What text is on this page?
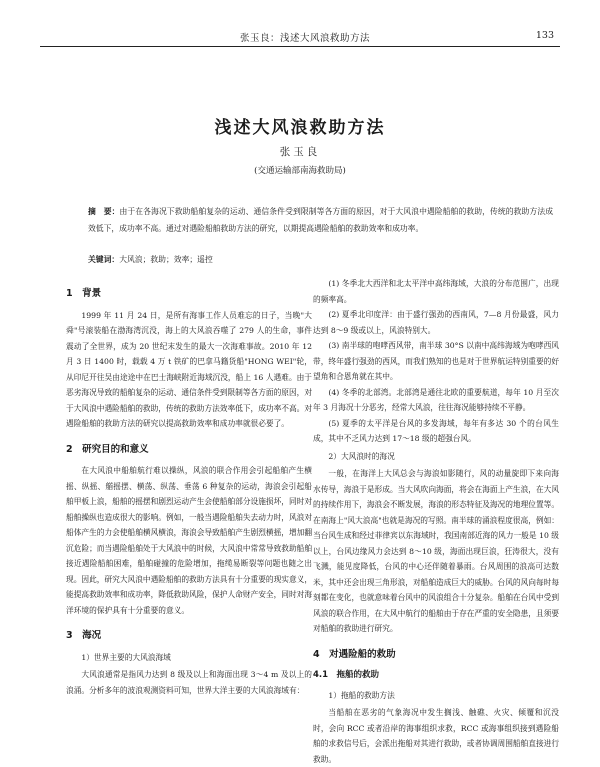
张玉良：浅述大风浪救助方法	133
浅述大风浪救助方法
张玉良
(交通运输部南海救助局)
摘　要：由于在各海况下救助船舶复杂的运动、通信条件受到限制等各方面的原因，对于大风浪中遇险船舶的救助，传统的救助方法成效低下，成功率不高。通过对遇险船舶救助方法的研究，以期提高遇险船舶的救助效率和成功率。
关键词：大风浪；救助；效率；遥控
1　背景

1999 年 11 月 24 日，是所有海事工作人员难忘的日子，当晚"大舜"号滚装船在渤海湾沉没，海上的大风浪吞噬了 279 人的生命，事件震动了全世界，成为 20 世纪末发生的最大一次海难事故。2010 年 12 月 3 日 1400 时，载载 4 万 t 铁矿的巴拿马籍货船"HONG WEI"轮，从印尼开往吴由途途中在巴士海峡附近海域沉没，船上 16 人遇难。由于恶劣海况导致的船舶复杂的运动、通信条件受到限制等各方面的原因，对于大风浪中遇险船舶的救助，传统的救助方法效率低下，成功率不高。对遇险船舶的救助方法的研究以提高救助效率和成功率就很必要了。

2　研究目的和意义

在大风浪中船舶航行难以操纵，风浪的联合作用会引起船舶产生横摇、纵摇、艏摇摆、横荡、纵荡、垂荡 6 种复杂的运动，海浪会引起船舶甲板上浪，船舶的摇摆和剧烈运动产生会使船舶部分设施损坏，同时对船舶操纵也造成很大的影响。例如，一般当遇险船舶失去动力时，风浪对船体产生的力会使船舶横风横浪，海浪会导致船舶产生剧烈横摇，增加翻沉危险；而当遇险船舶处于大风浪中的时候，大风浪中常常导致救助船舶接近遇险船舶困难，船舶碰撞的危险增加，拖缆易断裂等问题也随之出现。因此，研究大风浪中遇险船舶的救助方法具有十分重要的现实意义，能提高救助效率和成功率，降低救助风险，保护人命财产安全，同时对海洋环境的保护具有十分重要的意义。

3　海况
1）世界主要的大风浪海域

大风浪通常是指风力达到 8 级及以上和海面出现 3～4 m 及以上的浪涌。分析多年的波浪观测资料可知，世界大洋主要的大风浪海域有：

(1) 冬季北大西洋和北太平洋中高纬海域，大浪的分布范围广，出现的频率高。

(2) 夏季北印度洋：由于盛行强劲的西南风，7—8 月份最盛，风力达到 8～9 级或以上，风浪特别大。

(3) 南半球的咆哮西风带，南半球 30°S 以南中高纬海域为咆哮西风带，终年盛行强劲的西风，而我们熟知的也是对于世界航运特别重要的好望角和合恩角就在其中。

(4) 冬季的北部湾。北部湾是通往北欧的重要航道，每年 10 月至次年 3 月海况十分恶劣，经常大风浪，往往海况能够持续不平静。

(5) 夏季的太平洋是台风的多发海域，每年有多达 30 个的台风生成，其中不乏风力达到 17～18 级的超强台风。

2）大风浪时的海况

一般，在海洋上大风总会与海浪如影随行，风的动量旋即下来向海水传导，海浪于是形成。当大风吹向海面，将会在海面上产生浪，在大风的持续作用下，海浪会不断发展，海浪的形态特征及海况的地理位置等。在南海上"风大浪高"也就是海况的写照。南半球的涌浪程度很高，例如：当台风生成和经过菲律宾以东海域时，我国南部近海的风力一般是 10 级以上，台风边缘风力会达到 8～10 级，海面出现巨浪，狂涛很大，没有飞溅，能见度降低，台风的中心还伴随着暴雨。台风周围的浪高可达数米，其中还会出现三角形浪，对船舶造成巨大的威胁。台风的风向每时每刻都在变化，也就意味着台风中的风浪组合十分复杂。船舶在台风中受到风浪的联合作用，在大风中航行的船舶由于存在严重的安全隐患，且须要对船舶的救助进行研究。

4　对遇险船的救助
4.1　拖船的救助
1）拖船的救助方法

当船舶在恶劣的气象海况中发生搁浅、触礁、火灾、倾覆和沉没时，会向 RCC 或者沿岸的海事组织求救，RCC 或海事组织接到遇险船舶的求救信号后，会派出拖船对其进行救助，或者协调周围船舶直接进行救助。
